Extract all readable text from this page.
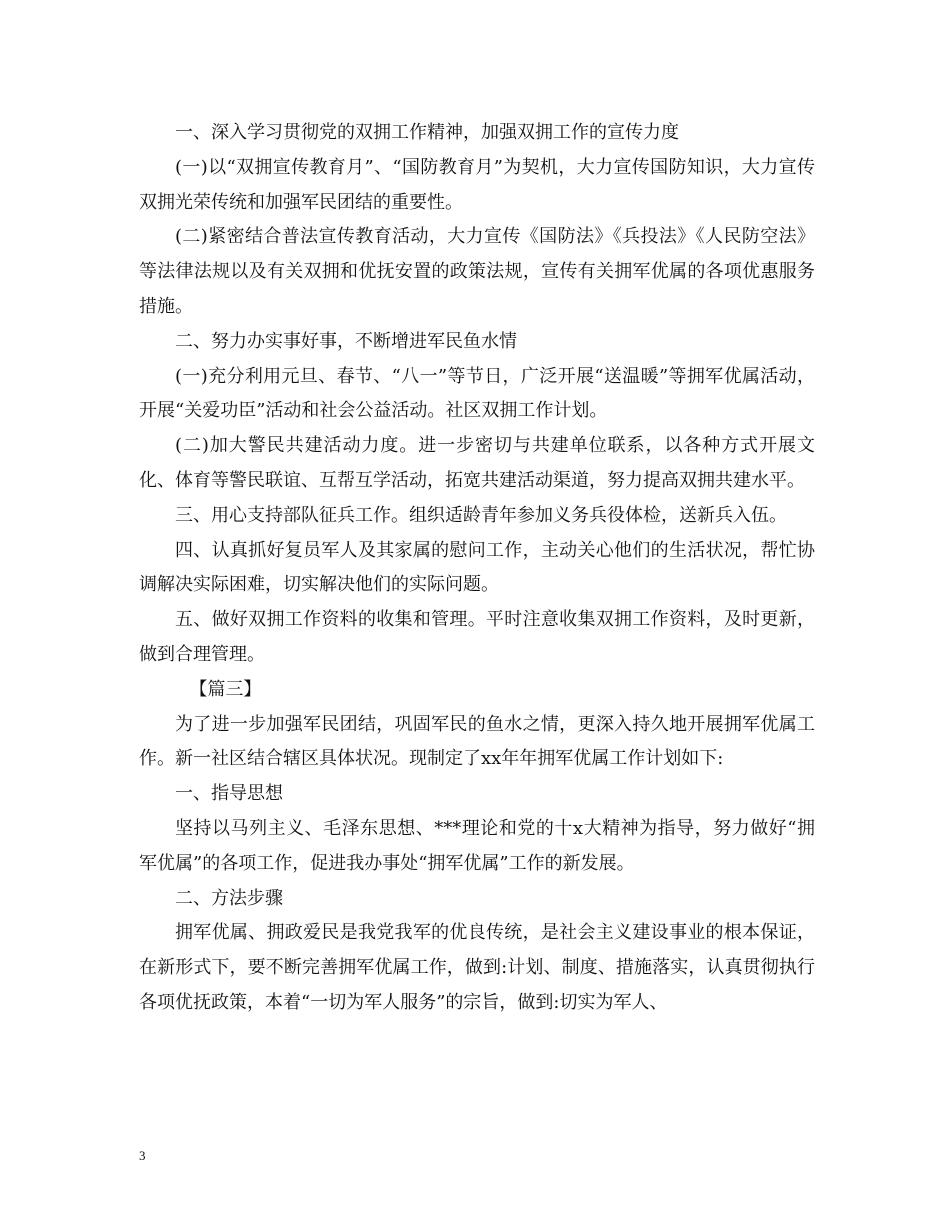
一、深入学习贯彻党的双拥工作精神，加强双拥工作的宣传力度

(一)以“双拥宣传教育月”、“国防教育月”为契机，大力宣传国防知识，大力宣传双拥光荣传统和加强军民团结的重要性。

(二)紧密结合普法宣传教育活动，大力宣传《国防法》《兵投法》《人民防空法》等法律法规以及有关双拥和优抚安置的政策法规，宣传有关拥军优属的各项优惠服务措施。

二、努力办实事好事，不断增进军民鱼水情

(一)充分利用元旦、春节、“八一”等节日，广泛开展“送温暖”等拥军优属活动，开展“关爱功臣”活动和社会公益活动。社区双拥工作计划。

(二)加大警民共建活动力度。进一步密切与共建单位联系，以各种方式开展文化、体育等警民联谊、互帮互学活动，拓宽共建活动渠道，努力提高双拥共建水平。

三、用心支持部队征兵工作。组织适龄青年参加义务兵役体检，送新兵入伍。

四、认真抓好复员军人及其家属的慰问工作，主动关心他们的生活状况，帮忙协调解决实际困难，切实解决他们的实际问题。

五、做好双拥工作资料的收集和管理。平时注意收集双拥工作资料，及时更新，做到合理管理。

【篇三】

为了进一步加强军民团结，巩固军民的鱼水之情，更深入持久地开展拥军优属工作。新一社区结合辖区具体状况。现制定了xx年年拥军优属工作计划如下:

一、指导思想

坚持以马列主义、毛泽东思想、***理论和党的十x大精神为指导，努力做好“拥军优属”的各项工作，促进我办事处“拥军优属”工作的新发展。

二、方法步骤

拥军优属、拥政爱民是我党我军的优良传统，是社会主义建设事业的根本保证，在新形式下，要不断完善拥军优属工作，做到:计划、制度、措施落实，认真贯彻执行各项优抚政策，本着“一切为军人服务”的宗旨，做到:切实为军人、

3
